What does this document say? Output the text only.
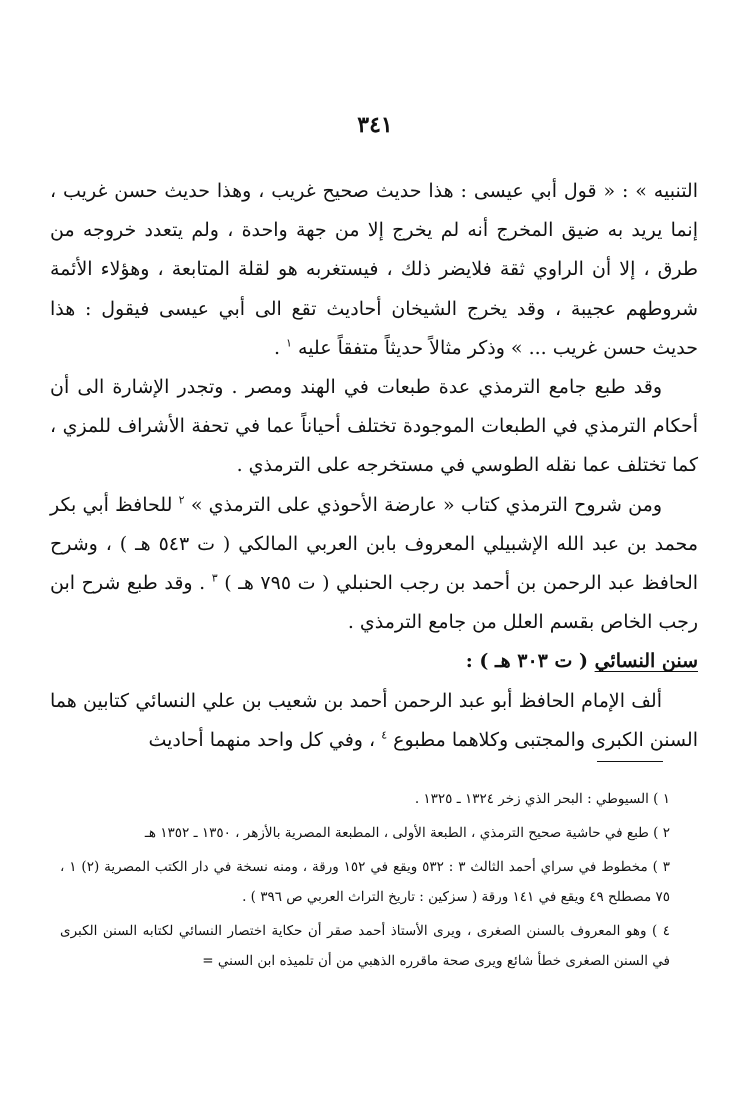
٣٤١

التنبيه » : « قول أبي عيسى : هذا حديث صحيح غريب ، وهذا حديث حسن غريب ، إنما يريد به ضيق المخرج أنه لم يخرج إلا من جهة واحدة ، ولم يتعدد خروجه من طرق ، إلا أن الراوي ثقة فلايضر ذلك ، فيستغربه هو لقلة المتابعة ، وهؤلاء الأئمة شروطهم عجيبة ، وقد يخرج الشيخان أحاديث تقع الى أبي عيسى فيقول : هذا حديث حسن غريب ... » وذكر مثالاً حديثاً متفقاً عليه $^١$ .

وقد طبع جامع الترمذي عدة طبعات في الهند ومصر . وتجدر الإشارة الى أن أحكام الترمذي في الطبعات الموجودة تختلف أحياناً عما في تحفة الأشراف للمزي ، كما تختلف عما نقله الطوسي في مستخرجه على الترمذي .

ومن شروح الترمذي كتاب « عارضة الأحوذي على الترمذي » $^٢$ للحافظ أبي بكر محمد بن عبد الله الإشبيلي المعروف بابن العربي المالكي ( ت ٥٤٣ هـ ) ، وشرح الحافظ عبد الرحمن بن أحمد بن رجب الحنبلي ( ت ٧٩٥ هـ ) $^٣$ . وقد طبع شرح ابن رجب الخاص بقسم العلل من جامع الترمذي .

سنن النسائي ( ت ٣٠٣ هـ ) :

ألف الإمام الحافظ أبو عبد الرحمن أحمد بن شعيب بن علي النسائي كتابين هما السنن الكبرى والمجتبى وكلاهما مطبوع $^٤$ ، وفي كل واحد منهما أحاديث

١ ) السيوطي : البحر الذي زخر ١٣٢٤ ـ ١٣٢٥ .

٢ ) طبع في حاشية صحيح الترمذي ، الطبعة الأولى ، المطبعة المصرية بالأزهر ، ١٣٥٠ ـ ١٣٥٢ هـ

٣ ) مخطوط في سراي أحمد الثالث ٣ : ٥٣٢ ويقع في ١٥٢ ورقة ، ومنه نسخة في دار الكتب المصرية (٢) ١ ، ٧٥ مصطلح ٤٩ ويقع في ١٤١ ورقة ( سزكين : تاريخ التراث العربي ص ٣٩٦ ) .

٤ ) وهو المعروف بالسنن الصغرى ، ويرى الأستاذ أحمد صقر أن حكاية اختصار النسائي لكتابه السنن الكبرى في السنن الصغرى خطأ شائع ويرى صحة ماقرره الذهبي من أن تلميذه ابن السني =
